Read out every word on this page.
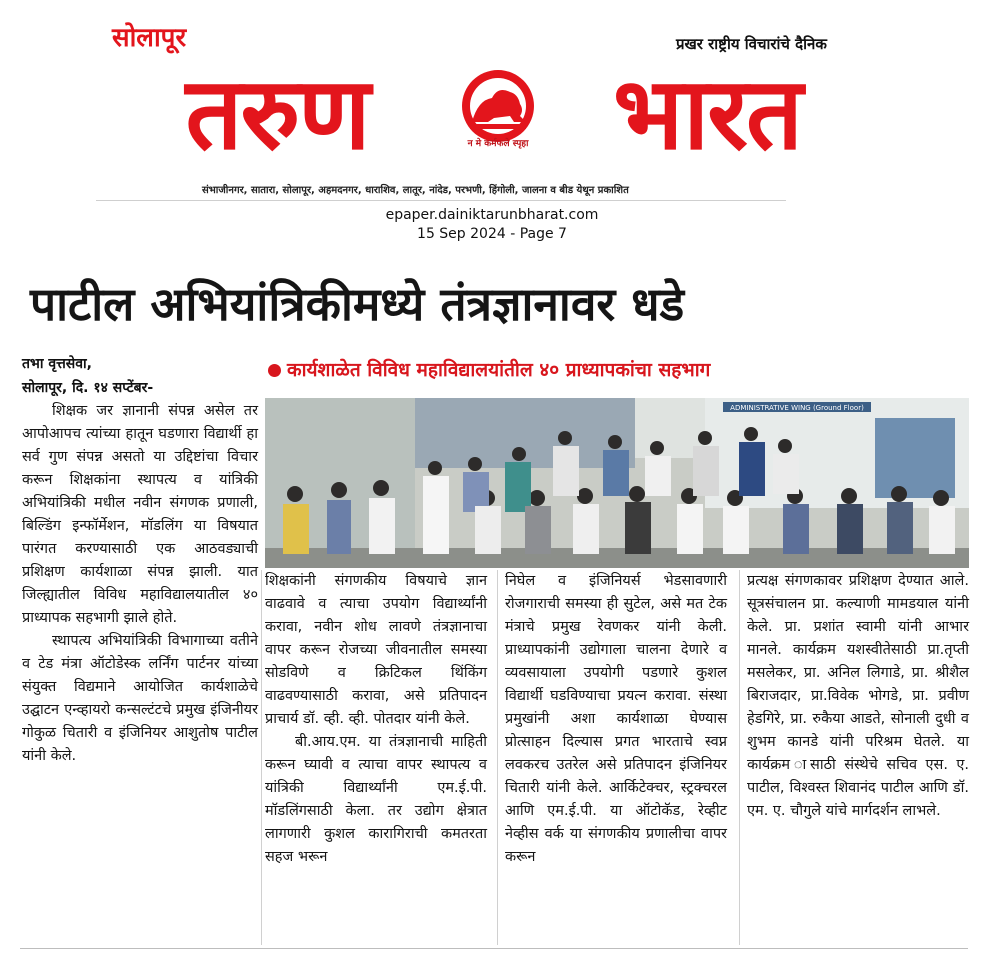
सोलापूर	प्रखर राष्ट्रीय विचारांचे दैनिक
तरुण	न मे कर्मफले स्पृहा भारत
संभाजीनगर, सातारा, सोलापूर, अहमदनगर, धाराशिव, लातूर, नांदेड, परभणी, हिंगोली, जालना व बीड येथून प्रकाशित
epaper.dainiktarunbharat.com
15 Sep 2024 - Page 7
पाटील अभियांत्रिकीमध्ये तंत्रज्ञानावर धडे
तभा वृत्तसेवा,
सोलापूर, दि. १४ सप्टेंबर-
कार्यशाळेत विविध महाविद्यालयांतील ४० प्राध्यापकांचा सहभाग
ADMINISTRATIVE WING (Ground Floor)

शिक्षक जर ज्ञानानी संपन्न असेल तर आपोआपच त्यांच्या हातून घडणारा विद्यार्थी हा सर्व गुण संपन्न असतो या उद्दिष्टांचा विचार करून शिक्षकांना स्थापत्य व यांत्रिकी अभियांत्रिकी मधील नवीन संगणक प्रणाली, बिल्डिंग इन्फॉर्मेशन, मॉडलिंग या विषयात पारंगत करण्यासाठी एक आठवड्याची प्रशिक्षण कार्यशाळा संपन्न झाली. यात जिल्ह्यातील विविध महाविद्यालयातील ४० प्राध्यापक सहभागी झाले होते.

स्थापत्य अभियांत्रिकी विभागाच्या वतीने व टेड मंत्रा ऑटोडेस्क लर्निंग पार्टनर यांच्या संयुक्त विद्यमाने आयोजित कार्यशाळेचे उद्घाटन एन्व्हायरो कन्सल्टंटचे प्रमुख इंजिनीयर गोकुळ चितारी व इंजिनियर आशुतोष पाटील यांनी केले.

शिक्षकांनी संगणकीय विषयाचे ज्ञान वाढवावे व त्याचा उपयोग विद्यार्थ्यांनी करावा, नवीन शोध लावणे तंत्रज्ञानाचा वापर करून रोजच्या जीवनातील समस्या सोडविणे व क्रिटिकल थिंकिंग वाढवण्यासाठी करावा, असे प्रतिपादन प्राचार्य डॉ. व्ही. व्ही. पोतदार यांनी केले.

बी.आय.एम. या तंत्रज्ञानाची माहिती करून घ्यावी व त्याचा वापर स्थापत्य व यांत्रिकी विद्यार्थ्यांनी एम.ई.पी. मॉडलिंगसाठी केला. तर उद्योग क्षेत्रात लागणारी कुशल कारागिराची कमतरता सहज भरून

निघेल व इंजिनियर्स भेडसावणारी रोजगाराची समस्या ही सुटेल, असे मत टेक मंत्राचे प्रमुख रेवणकर यांनी केली. प्राध्यापकांनी उद्योगाला चालना देणारे व व्यवसायाला उपयोगी पडणारे कुशल विद्यार्थी घडविण्याचा प्रयत्न करावा. संस्था प्रमुखांनी अशा कार्यशाळा घेण्यास प्रोत्साहन दिल्यास प्रगत भारताचे स्वप्न लवकरच उतरेल असे प्रतिपादन इंजिनियर चितारी यांनी केले. आर्किटेक्चर, स्ट्रक्चरल आणि एम.ई.पी. या ऑटोकॅड, रेव्हीट नेव्हीस वर्क या संगणकीय प्रणालीचा वापर करून

प्रत्यक्ष संगणकावर प्रशिक्षण देण्यात आले. सूत्रसंचालन प्रा. कल्याणी मामडयाल यांनी केले. प्रा. प्रशांत स्वामी यांनी आभार मानले. कार्यक्रम यशस्वीतेसाठी प्रा.तृप्ती मसलेकर, प्रा. अनिल लिगाडे, प्रा. श्रीशैल बिराजदार, प्रा.विवेक भोगडे, प्रा. प्रवीण हेडगिरे, प्रा. रुकैया आडते, सोनाली दुधी व शुभम कानडे यांनी परिश्रम घेतले. या कार्यक्रम ासाठी संस्थेचे सचिव एस. ए. पाटील, विश्वस्त शिवानंद पाटील आणि डॉ. एम. ए. चौगुले यांचे मार्गदर्शन लाभले.
